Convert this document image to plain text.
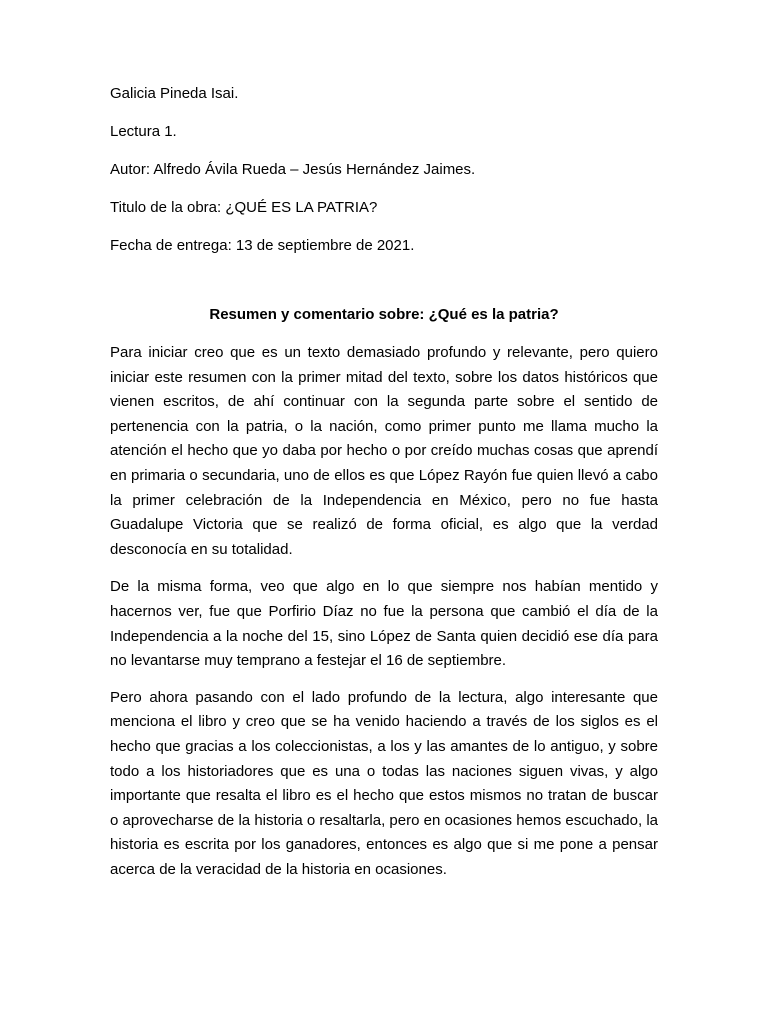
Galicia Pineda Isai.
Lectura 1.
Autor: Alfredo Ávila Rueda – Jesús Hernández Jaimes.
Titulo de la obra: ¿QUÉ ES LA PATRIA?
Fecha de entrega: 13 de septiembre de 2021.
Resumen y comentario sobre: ¿Qué es la patria?

Para iniciar creo que es un texto demasiado profundo y relevante, pero quiero iniciar este resumen con la primer mitad del texto, sobre los datos históricos que vienen escritos, de ahí continuar con la segunda parte sobre el sentido de pertenencia con la patria, o la nación, como primer punto me llama mucho la atención el hecho que yo daba por hecho o por creído muchas cosas que aprendí en primaria o secundaria, uno de ellos es que López Rayón fue quien llevó a cabo la primer celebración de la Independencia en México, pero no fue hasta Guadalupe Victoria que se realizó de forma oficial, es algo que la verdad desconocía en su totalidad.

De la misma forma, veo que algo en lo que siempre nos habían mentido y hacernos ver, fue que Porfirio Díaz no fue la persona que cambió el día de la Independencia a la noche del 15, sino López de Santa quien decidió ese día para no levantarse muy temprano a festejar el 16 de septiembre.

Pero ahora pasando con el lado profundo de la lectura, algo interesante que menciona el libro y creo que se ha venido haciendo a través de los siglos es el hecho que gracias a los coleccionistas, a los y las amantes de lo antiguo, y sobre todo a los historiadores que es una o todas las naciones siguen vivas, y algo importante que resalta el libro es el hecho que estos mismos no tratan de buscar o aprovecharse de la historia o resaltarla, pero en ocasiones hemos escuchado, la historia es escrita por los ganadores, entonces es algo que si me pone a pensar acerca de la veracidad de la historia en ocasiones.
